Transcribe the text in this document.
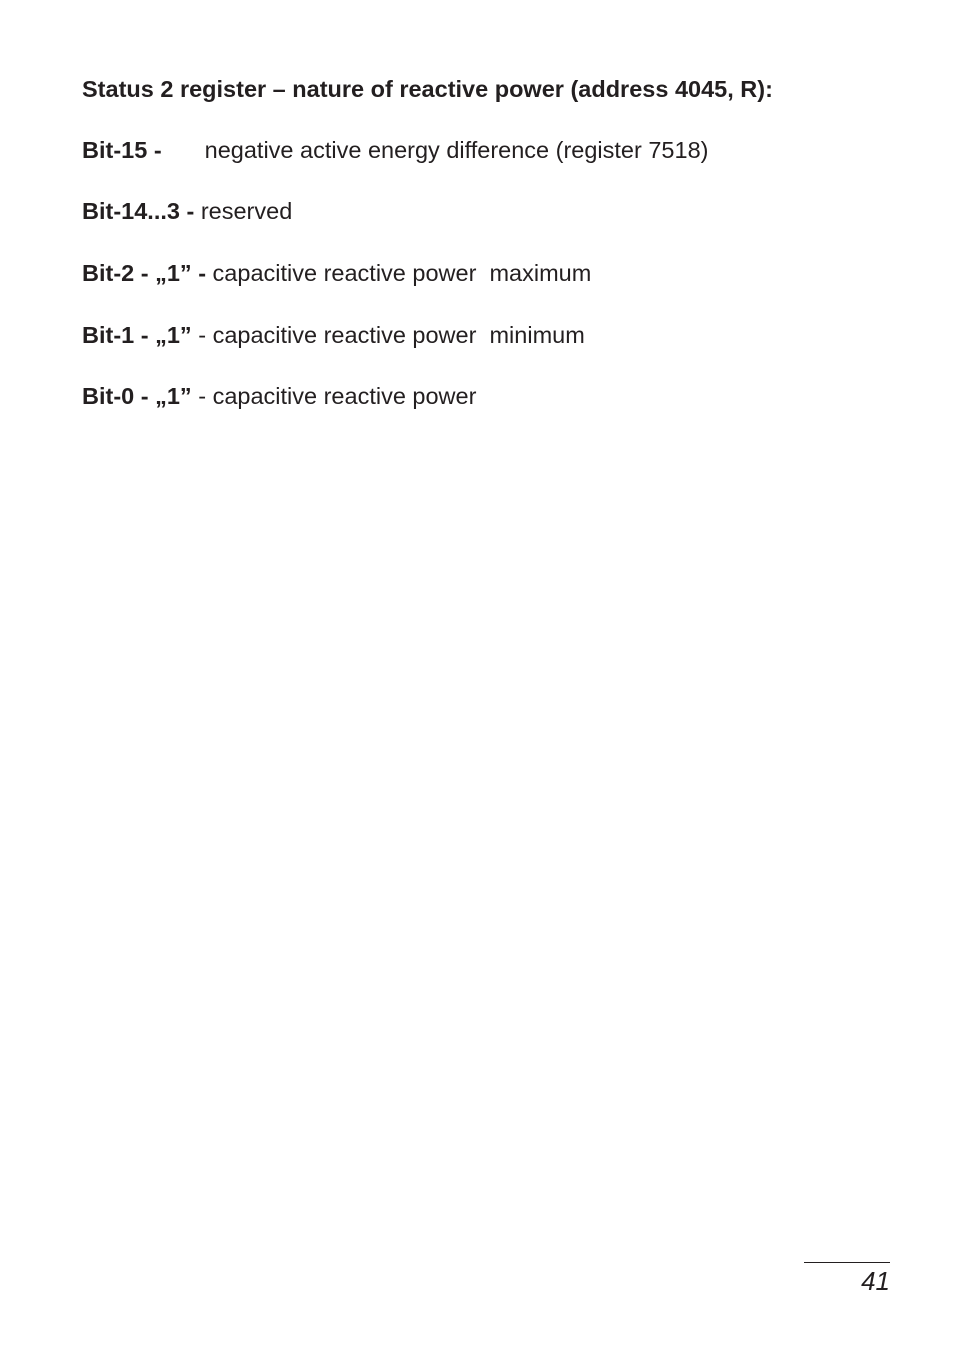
Status 2 register – nature of reactive power (address 4045, R):
Bit-15 - negative active energy difference (register 7518)
Bit-14...3 - reserved
Bit-2 - „1” - capacitive reactive power  maximum
Bit-1 - „1” - capacitive reactive power  minimum
Bit-0 - „1” - capacitive reactive power
41
